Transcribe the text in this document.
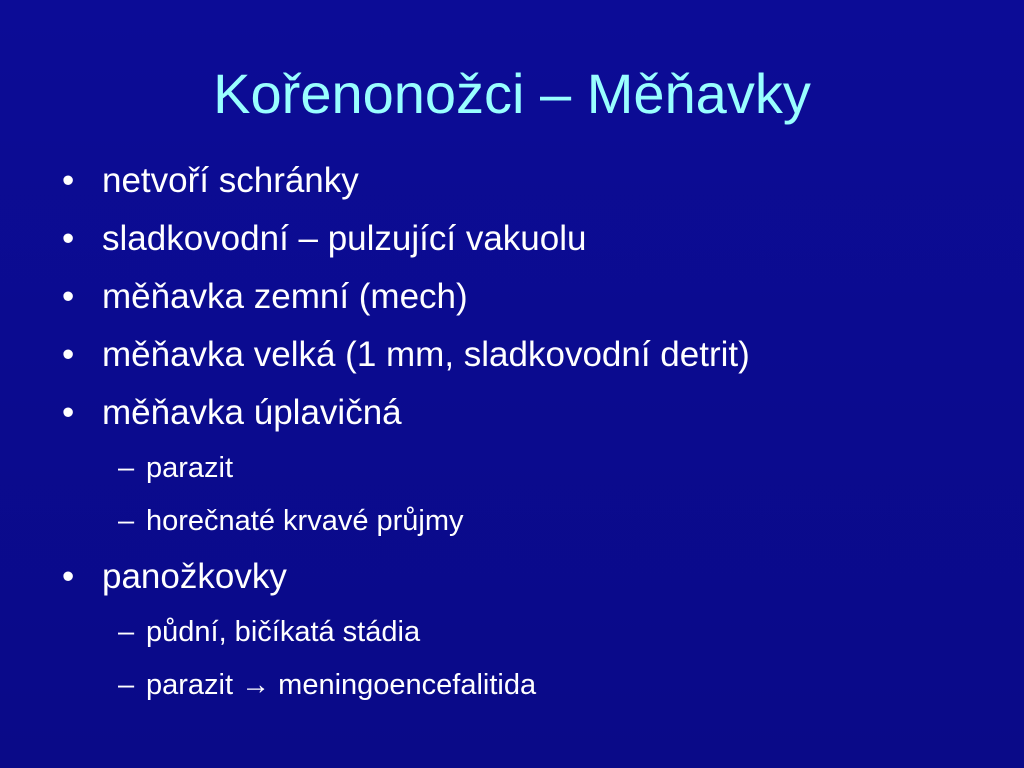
Kořenonožci – Měňavky
• netvoří schránky
• sladkovodní – pulzující vakuolu
• měňavka zemní (mech)
• měňavka velká (1 mm, sladkovodní detrit)
• měňavka úplavičná
– parazit
– horečnaté krvavé průjmy
• panožkovky
– půdní, bičíkatá stádia
– parazit → meningoencefalitida
